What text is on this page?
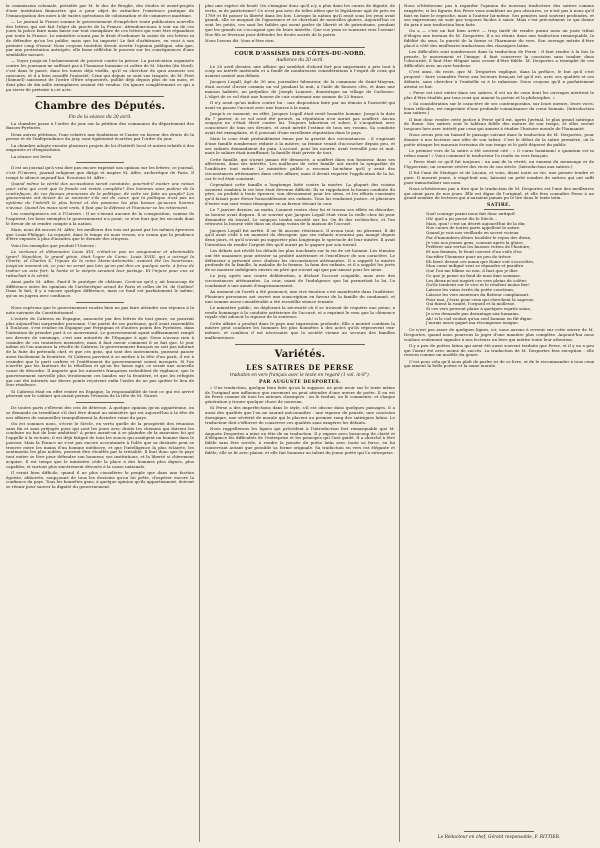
la commission coloniale, présidée par M. le duc de Broglie, des études et avant-projets d'une institution financière qui a pour objet de rattacher l'existence pratique de l'émancipation des noirs à de vastes opérations de colonisation et de commerce maritime.

— Le journal la Presse somme le gouvernement d'empêcher toute publication nouvelle des lettres qui ont fait l'objet du procès de la France. Attendons-nous à voir un de ces jours la police faire main basse sur tout exemplaire de ces lettres qui vont être répandues par toute la France. Le ministère n'aura pas le droit d'ordonner la saisie de ces lettres ni de défendre qu'on les publie; mais que lui importe! Le fait d'arbitraire, en voici à son premier coup d'essai! Nous croyons toutefois devoir avertir l'opinion publique, afin que, par une protestation anticipée, elle fasse réfléchir le pouvoir sur les conséquences d'une semblable mesure.

— Voyez jusqu'où l'acharnement de pouvoir contre la presse. La persécution organisée contre les journaux ne suffisait pas à l'honneur humaine et colère de M. Martin (du Nord), c'est dans le passé, dans les tomes déjà vieillis, qu'il va chercher de quoi assouvir ses rancunes, et il a bien assoiffé l'autorité, Ceux qui depuis se sont vus traqués, de M. Pitet (Samuel) saisissent de l'ordre d'être séquestrés, publié déjà depuis plus de six mois, et dont plus de dix mille exemplaires avaient été vendus. On ignore complètement ce qui a pu servir de prétexte à cet acte.

Chambre des Députés.
Fin de la séance du 20 avril.

La chambre passe à l'ordre du jour sur la pétition des communes du département des Basses-Pyrénées.

Deux autres pétitions, l'une relative aux fondations et l'autre en faveur des droits de la presse et de l'indépendance du jury, sont également écartées par l'ordre du jour.

La chambre adopte ensuite plusieurs projets de loi d'intérêt local et autres relatifs à des emprunts et d'impositions.

La séance est levée.

Il est un journal qu'à vrai dire pas encore exprimé son opinion sur les lettres; ce journal, c'est l'Univers, journal religieux que dirige et inspire M. Affre, archevêque de Paris. Il rompt le silence aujourd'hui. Écoutons M. Affre :

Quand même la vérité des accusations serait constatée, pourrait-il exister une raison pour celui qui croit que la fraude est restée complète? Des hommes sans pudeur de la contrefaçon, de ces fausses promesses de la politique, de cette vie faite au peuple? Les gouvernants ont devoir de se souvenir s'ils ont du cœur, que la politique n'est pas un système de l'intérêt le plus borné et des passions les plus basses qu'aucun homme n'avoue. Quand les maux sont vrais, il faut que la défense et l'honneur se les retiennent.

Les conséquences est à l'Univers : Il ne s'ensuit aucune de la conspiration, comme ils l'aspirent, les bons exemples le gouvernement n'a point, ce n'en font que les seconds dont le devoir de se rendre compte à la nation.

Mais, nous dit encore M. Affre, les meilleurs des rois ont passé par les mêmes épreuves que Louis-Philippe. La royauté, dans le temps où nous vivons, n'a connu que la prudence d'être exposée à plus d'insultes que le dernier des citoyens.

Voici les exemples que produit l'Univers :

Le vertueux et débonnaire Louis XVI, n'était-ce pas un sanguinaire et abominable tyran? Napoléon, le grand génie, était l'ogre de Corse. Louis XVIII, qui a octroyé la Charte, et Charles X, l'époux de la reine Marie-Antoinette, avaient été les bourreaux, jusqu'au moment où, ce jour ne serait pas loin qu'on put dire en quelque sorte, à force de traîner un acte fort, la honte et le mépris seraient leur partage. Et l'injure pour eux se rattachait à la vérité.

Ainsi parle M. Affre. Faut-il le protéger de château. Croit-on qu'il y ait beaucoup de différence entre les opinions de l'archevêque actuel de Paris et celles de M. de Quélen? Dans le fait, il y a encore quelque différence, mais ce fond est parfaitement le même, qu'on en jugera avec confiance.

Nous espérons que le gouvernement voudra bien ne pas faire attendre son réponse à la note suivante du Constitutionnel :

L'entrée de Cabrera en Espagne, annoncée par des lettres de tout genre, ne pourrait plus aujourd'hui surprendre personne. Une partie de ses partisans, qu'il avait rassemblés à Toulouse, s'est rendue en Espagne par Perpignan et d'autres points des Pyrénées, dans l'intention de prendre part à ce mouvement. Le gouvernement ayant suffisamment rempli ses devoirs de voisinage, c'est aux autorités de l'Espagne à agir. Nous n'avons rien à craindre de ces tentatives insensées; mais il faut savoir comment il se fait que, le jour même où l'on annonce la révolte de Cabrera, le gouvernement français ne soit pas informé de la fuite du prétendu chef, et que ces gens, qui sont des instruments, puissent passer aussi facilement la frontière. Si Cabrera parvient à se mettre à la tête d'un parti, il est à craindre que le parti carliste et l'entêtement du gouvernement soient invoqués. Si l'on n'arrête pas les fauteurs de la rébellion et qu'on les laisse agir, ce serait une nouvelle cause de désordre. Il importe que les autorités françaises redoublent de vigilance, que le gouvernement surveille plus étroitement ces bandes sur la frontière, et que les réfugiés qui ont été internés sur divers points reçoivent enfin l'ordre de ne pas quitter le lieu de leur résidence.

Si Cabrera était en effet rentré en Espagne, la responsabilité de tout ce qui est arrivé pèserait sur le cabinet qui aurait permis l'évasion de la tête de M. Guizot.

De toutes parts s'élèvent des cris de détresse. À quelque opinion qu'on appartienne, on se demande en tremblant s'il doit être donné au ministère qui est aujourd'hui à la tête de nos affaires de sommeiller tranquillement la dernière ruine du pays.

On est sommes nous, s'écrie le Siècle, en vertu quelle de la prospérité des réunions sans fin et sans préjugés pour qui sont les jours avec droits les chemins qui doivent les conduire au but de leur ambition? À peine aurait-on à se plaindre de la mauvaise foi qui l'appelle à la victoire; il est déjà fatigué de tous les soucis qui assiègent un homme dans le pouvoir. Mais la France ne s'est pas encore accoutumée à l'idée que sa destinée peut se trouver entre les mains d'un homme médiocre, et que l'intelligence la plus éclairée, les sentiments les plus nobles, peuvent être étouffés par la trivialité. Il faut donc que le pays tout entier se lève pour défendre son honneur, ses institutions, et la liberté si chèrement acquise. Il est temps que le ministère cède la place à des hommes plus dignes, plus capables, et surtout plus sincèrement dévoués à la cause nationale.

Il serait bien difficile, quand il ne plus considérer le peuple que dans une faction égoïste, abhorrée, soupçonné de tous les desseins qu'on lui prête, d'espérer encore la confiance du pays. Tous les honnêtes gens, à quelque opinion qu'ils appartiennent, doivent se réunir pour sauver la dignité du gouvernement.

plus une espèce de bruit! On s'imagine donc qu'il n'y a plus dans les cœurs de dignité, de vertu, ni de patriotisme? Ce n'est pas avec de telles idées que le législateur agit de près en 1789 et fit passer la liberté dans les lois. Lorsque la nation qu'il avait sous les yeux avait grandi, elle se moquait de l'ignorance et se cherchait de nouvelles gloires. Aujourd'hui ce sont les petits, ces sont les faibles qui osent parler de liberté et de patriotisme, pendant que les grands ne s'occupent que de leurs intérêts. Que vos yeux se tournent vers l'avenir! Nos fils se lèveront pour défendre les droits sacrés de la patrie.

Nous l'avons dit. Vous n'êtes rien.

COUR D'ASSISES DES CÔTES-DU-NORD.
Audience du 20 avril.

Le 20 avril dernier, une affaire qui semblait d'abord fort peu importante a pris tout à coup un intérêt inattendu et a fondé de nombreuses considérations à l'esprit de ceux qui avaient assisté aux débats.

Jacques Legall, âgé de 30 ans, journalier laboureur, de la commune de Saint-Mayeux, était accusé d'avoir commis un vol pendant la nuit, à l'aide de fausses clés, et dans une maison habitée, au préjudice de Joseph Lonnest, domestique au village de Carhouec. L'objet de ce vol était une bourse de cuir contenant une somme de 23 francs.

Il n'y avait qu'un indice contre lui : une disposition faite par un témoin à l'autorité qui avait vu passer l'accusé avec une bourse à la main.

Jusqu'à ce moment, en effet, Jacques Legall était resté honnête homme. Jusqu'à la date du 7 janvier, si ce vol avait été prouvé, sa réputation n'en aurait pas souffert. Aucun soupçon ne s'était élevé contre lui. Toujours laborieux et sobre, il s'acquittait avec conscience de tous ses devoirs, et avait mérité l'estime de tous ses voisins. Sa conduite avait été exemplaire, et il jouissait d'une excellente réputation dans le pays.

Mais la cour était profondément émue par la gravité des circonstances : il s'agissait d'une famille nombreuse réduite à la misère; sa femme venait d'accoucher depuis peu, et ses enfants demandaient du pain. L'accusé, pour les nourrir, avait travaillé jour et nuit, mais le salaire était insuffisant; la famille était privée de tout.

Cette famille, qui n'avait jamais été dénoncée, a souffert dans son honneur, dans ses affections, dans ses intérêts. Les malheurs de cette famille ont excité la sympathie de l'auditoire tout entier. Le ministère public a reconnu lui-même qu'il y avait des circonstances atténuantes dans cette affaire; mais il devait requérir l'application de la loi, car le vol était constant.

Cependant cette famille a longtemps lutté contre la misère. La plupart des voisins savaient combien la vie leur était devenue difficile. Ils se rappelaient la bonne conduite du père, sa probité à toute épreuve, son dévouement pour les siens, et les efforts constants qu'il faisait pour élever honorablement ses enfants. Tous lui rendaient justice, et plusieurs d'entre eux sont venus témoigner en sa faveur devant la cour.

Le 7 janvier dernier, au matin, Lonnest rentra chez lui et trouva ses effets en désordre, sa bourse avait disparu. Il se souvint que Jacques Legall était venu la veille chez lui pour demander du travail. Le soupçon tomba aussitôt sur lui. On fit des recherches, et l'on retrouva la bourse vide dans un champ voisin de la maison de l'accusé.

Jacques Legall fut arrêté. Il ne fit aucune résistance. Il avoua tout, en pleurant. Il dit qu'il avait cédé à un moment de désespoir, que ses enfants n'avaient pas mangé depuis deux jours, et qu'il n'avait pu supporter plus longtemps le spectacle de leur misère. Il avait l'intention de rendre l'argent dès qu'il aurait pu le gagner par son travail.

Les débats ont révélé les détails les plus touchants sur la vie de cet homme. Les témoins ont été unanimes pour attester sa probité antérieure et l'excellence de son caractère. Le défenseur a présenté avec chaleur les circonstances atténuantes. Il a rappelé la misère profonde de la famille, la maladie de la femme, la faim des enfants, et il a supplié les jurés de se montrer indulgents envers un père qui n'avait agi que par amour pour les siens.

Le jury, après une courte délibération, a déclaré l'accusé coupable, mais avec des circonstances atténuantes. La cour, usant de l'indulgence que lui permettait la loi, l'a condamné à une année d'emprisonnement.

Au moment où l'arrêt a été prononcé, une vive émotion s'est manifestée dans l'auditoire. Plusieurs personnes ont ouvert une souscription en faveur de la famille du condamné, et une somme assez considérable a été recueillie séance tenante.

Le ministère public, en déplorant la nécessité où il se trouvait de requérir une peine, a rendu hommage à la conduite antérieure de l'accusé, et a exprimé le vœu que la clémence royale vînt adoucir la rigueur de la sentence.

Cette affaire a produit dans le pays une impression profonde. Elle a montré combien la misère peut conduire les hommes les plus honnêtes à des actes qu'ils réprouvent eux-mêmes, et combien il est nécessaire que la société vienne au secours des familles malheureuses.

Variétés.
LES SATIRES DE PERSE
traduites en vers français avec le texte en regard (1 vol. in-8°).
PAR AUGUSTE DESPORTES.

« Une traduction, quelque bien faite qu'on la suppose, ne peut avoir sur le texte même de l'original une influence que rarement on peut attendre d'une œuvre de poète. Il en est de Perse comme de tous les auteurs classiques : on le traduit, on le commente, et chaque génération y trouve quelque chose de nouveau.

Si Perse a des imperfections dans le style, s'il est obscur dans quelques passages, il a aussi des qualités que l'on ne saurait méconnaître : une vigueur de pensée, une concision énergique, une sévérité de morale qui le placent au premier rang des satiriques latins. Le traducteur doit s'efforcer de conserver ces qualités sans exagérer les défauts.

Nous rappellerons les lignes qui précèdent à l'introduction fort remarquable que M. Auguste Desportes a mise en tête de sa traduction. Il y expose avec beaucoup de clarté et d'élégance les difficultés de l'entreprise et les principes qui l'ont guidé. Il a cherché à être fidèle sans être servile, à rendre la pensée du poète latin avec toute sa force, en lui conservant autant que possible sa forme originale. Sa traduction en vers est élégante et fidèle; elle se lit avec plaisir, et elle fait honneur au talent du jeune poète qui l'a entreprise.

Nous n'hésiterons pas à regarder l'opinion du nouveau traducteur des satires comme exagérée; si les figures des Perse vous semblent un peu obscures, ce n'est pas à nous qu'il faut en faire le reproche, mais à l'auteur lui-même. Ses pensées sont souvent profondes, et ses expressions ne sont pas toujours faciles à saisir. Mais c'est précisément ce qui donne du prix à une traduction bien faite.

On a — c'est un fait bien avéré — trop tardé de rendre parmi nous un juste tribut d'éloges aux travaux de M. Desportes. Il a su réunir, dans une traduction remarquable, la fidélité du sens, la pureté de la forme et l'harmonie du vers. Son ouvrage mérite d'être placé à côté des meilleures traductions des classiques latins.

Les difficultés sont nombreuses dans la traduction de Perse : il faut rendre à la fois la pensée, le mouvement et l'image; il faut conserver la concision sans tomber dans l'obscurité; il faut être élégant sans cesser d'être fidèle. M. Desportes a triomphé de ces difficultés avec un rare bonheur.

C'est ainsi, du reste, que M. Desportes explique, dans la préface, le but qu'il s'est proposé : faire connaître Perse aux lecteurs français tel qu'il est, avec ses qualités et ses défauts, sans chercher à l'embellir ni à le rabaisser. Nous croyons qu'il a parfaitement atteint ce but.

« Perse est tout entier dans ses satires, il est un de ceux dont les ouvrages méritent le plus d'être étudiés par tous ceux qui aiment la poésie et la philosophie. »

« Sa considération sur le caractère de ses contemporains, sur leurs mœurs, leurs vices, leurs ridicules, est empreinte d'une profonde connaissance du cœur humain. (Introduction aux satires.)

Il faut donc rendre cette justice à Perse qu'il est, après Juvénal, le plus grand satirique de Rome. Ses satires sont le tableau fidèle des mœurs de son temps, et elles seront toujours lues avec intérêt par ceux qui aiment à étudier l'histoire morale de l'humanité.

Nous avons pris au hasard le passage suivant dans la traduction de M. Desportes, pour donner à nos lecteurs une idée de son talent. C'est le début de la satire première, où le poète attaque les mauvais écrivains de son temps et le goût dépravé du public.

Le premier vers de la satire a été souvent cité : « O curas hominum! o quantum est in rebus inane! » Voici comment le traducteur l'a rendu en vers français.

« Perse était ce qu'il fut toujours : un ami de la vérité, un ennemi du mensonge et de l'hypocrisie, un censeur sévère des vices de son siècle. (Introduction aux satires.)

Il fut l'ami de Sénèque et de Lucain, et vous, disait toute sa vie, une pensée tendre et pure. Il mourut jeune, à vingt-huit ans, laissant un petit nombre de satires qui ont suffi pour immortaliser son nom.

Nous n'hésiterons pas à dire que la traduction de M. Desportes est l'une des meilleures qui aient paru de nos jours. Elle est digne de l'original, et elle fera connaître Perse à un grand nombre de lecteurs qui n'auraient jamais pu le lire dans le texte latin.

SATIRE.
Quel courage parmi nous fait donc antiqué!
Oh! quel a pu pensé dis le Siècle...
Mais, quoi! c'est un décret aujourd'hui de la dix;
Nos cœurs de toutes parts appellent la satire.
Quand je vois nos vieillards en secret vicieux
Par d'innombres désirs troubler le repos des dieux,
Je vois nos jeunes gens, courant après la gloire,
Préférer aux vertus les fausses vertus de l'histoire;
Et nos femmes, le front couvert d'un voile d'or,
Sacrifier l'honneur pour un peu de trésor.
Eh bien! devant ces maux que Rome voit s'accroître,
Mon cœur indigné veut se répandre et paraître.
Que l'on me blâme ou non, il faut que je dise
Ce que je pense au fond de mon âme soumise.
Les dieux m'ont inspiré ces vers pleins de colère;
Qu'ils tombent sur le vice et le rendent moins fier!
Laissez les vains écrits du poète courtisan;
Laissez les vers menteurs du flatteur complaisant.
Pour moi, j'écris pour ceux qui cherchent la sagesse,
Qui fuient la vanité, l'orgueil et la mollesse.
Si ces vers peuvent plaire à quelques esprits sains,
Je n'en demande pas davantage aux humains.
Ah! si le ciel voulait qu'un seul homme en fût digne,
J'aurais assez gagné ma récompense insigne.

Ce n'est pas assez de quelques lignes, ici; nous aurons à revenir sur cette œuvre de M. Desportes, quand nous pourrons la juger d'une manière plus complète. Aujourd'hui nous voulons seulement signaler à nos lecteurs un livre qui mérite toute leur attention.

Il y a peu de poètes latins qui aient été aussi souvent traduits que Perse, et il y en a peu qui l'aient été avec moins de succès. La traduction de M. Desportes fera exception : elle restera comme un modèle du genre.

C'est pour cela qu'il nous plaît de parler ici de ce livre, et de le recommander à tous ceux qui aiment la belle poésie et la saine morale.

Le Rédacteur en chef, Gérant responsable, F. RITTIER.
